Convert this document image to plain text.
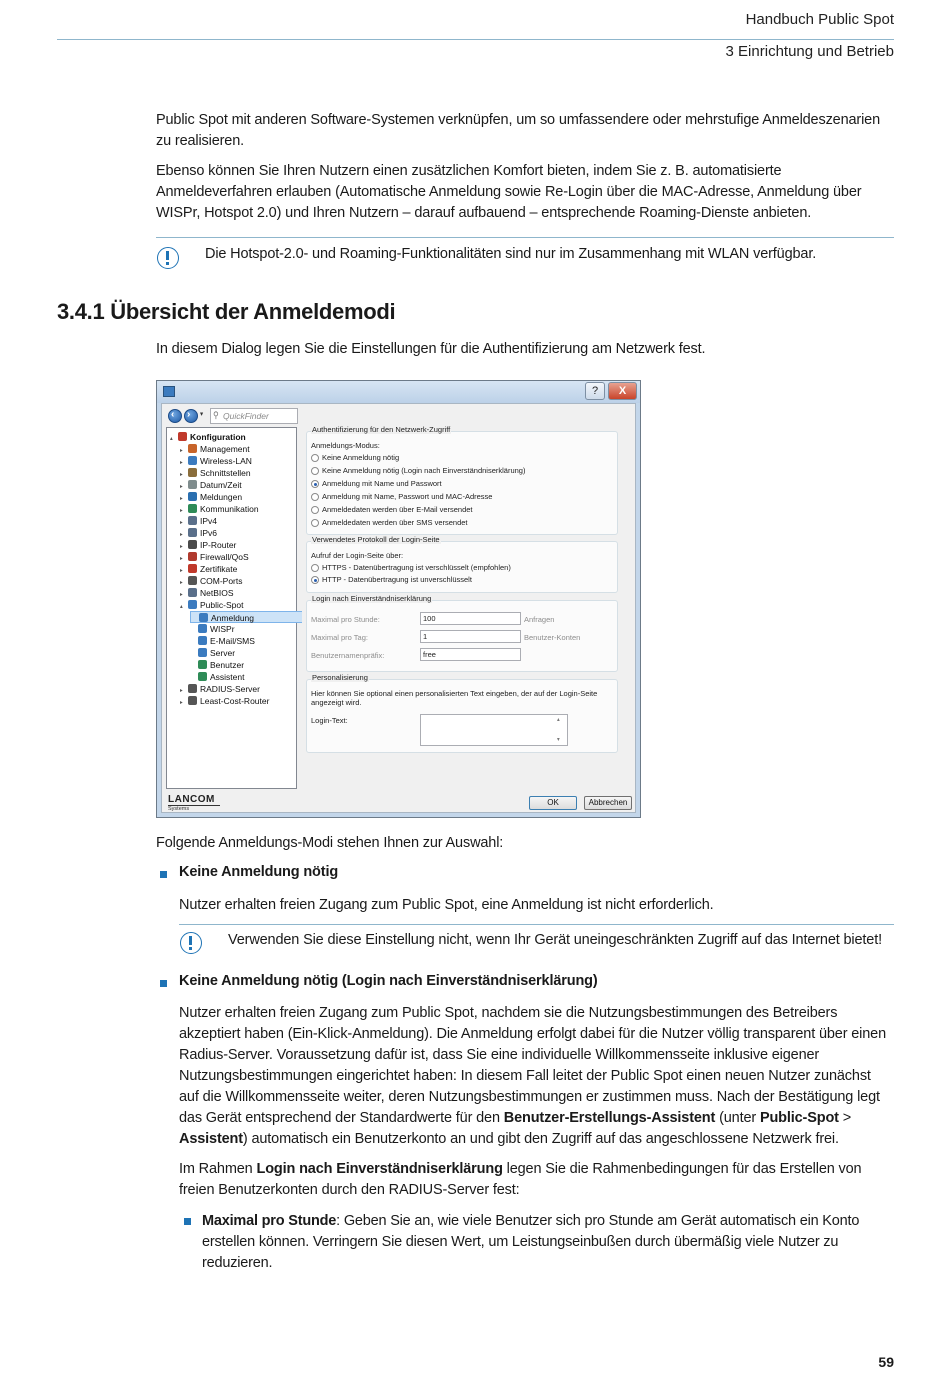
Handbuch Public Spot
3 Einrichtung und Betrieb

Public Spot mit anderen Software-Systemen verknüpfen, um so umfassendere oder mehrstufige Anmeldeszenarien zu realisieren.

Ebenso können Sie Ihren Nutzern einen zusätzlichen Komfort bieten, indem Sie z. B. automatisierte Anmeldeverfahren erlauben (Automatische Anmeldung sowie Re-Login über die MAC-Adresse, Anmeldung über WISPr, Hotspot 2.0) und Ihren Nutzern – darauf aufbauend – entsprechende Roaming-Dienste anbieten.

Die Hotspot-2.0- und Roaming-Funktionalitäten sind nur im Zusammenhang mit WLAN verfügbar.
3.4.1 Übersicht der Anmeldemodi

In diesem Dialog legen Sie die Einstellungen für die Authentifizierung am Netzwerk fest.

?	X
‹ › ▾	QuickFinder
⚲
▴ Konfiguration
▸ Management
▸ Wireless-LAN
▸ Schnittstellen
▸ Datum/Zeit
▸ Meldungen
▸ Kommunikation
▸ IPv4
▸ IPv6
▸ IP-Router
▸ Firewall/QoS
▸ Zertifikate
▸ COM-Ports
▸ NetBIOS
▴ Public-Spot
Anmeldung
WISPr
E-Mail/SMS
Server
Benutzer
Assistent
▸ RADIUS-Server
▸ Least-Cost-Router
Authentifizierung für den Netzwerk-Zugriff
Anmeldungs-Modus:
Keine Anmeldung nötig
Keine Anmeldung nötig (Login nach Einverständniserklärung)
Anmeldung mit Name und Passwort
Anmeldung mit Name, Passwort und MAC-Adresse
Anmeldedaten werden über E-Mail versendet
Anmeldedaten werden über SMS versendet
Verwendetes Protokoll der Login-Seite
Aufruf der Login-Seite über:
HTTPS - Datenübertragung ist verschlüsselt (empfohlen)
HTTP - Datenübertragung ist unverschlüsselt
Login nach Einverständniserklärung
Maximal pro Stunde:	100	Anfragen
Maximal pro Tag:	1	Benutzer-Konten
Benutzernamenpräfix:	free
Personalisierung
Hier können Sie optional einen personalisierten Text eingeben, der auf der Login-Seite angezeigt wird.
Login-Text:	▴
▾
LANCOM
Systems
OK	Abbrechen

Folgende Anmeldungs-Modi stehen Ihnen zur Auswahl:

Keine Anmeldung nötig

Nutzer erhalten freien Zugang zum Public Spot, eine Anmeldung ist nicht erforderlich.

Verwenden Sie diese Einstellung nicht, wenn Ihr Gerät uneingeschränkten Zugriff auf das Internet bietet!
Keine Anmeldung nötig (Login nach Einverständniserklärung)

Nutzer erhalten freien Zugang zum Public Spot, nachdem sie die Nutzungsbestimmungen des Betreibers akzeptiert haben (Ein-Klick-Anmeldung). Die Anmeldung erfolgt dabei für die Nutzer völlig transparent über einen Radius-Server. Voraussetzung dafür ist, dass Sie eine individuelle Willkommensseite inklusive eigener Nutzungsbestimmungen eingerichtet haben: In diesem Fall leitet der Public Spot einen neuen Nutzer zunächst auf die Willkommensseite weiter, deren Nutzungsbestimmungen er zustimmen muss. Nach der Bestätigung legt das Gerät entsprechend der Standardwerte für den Benutzer-Erstellungs-Assistent (unter Public-Spot > Assistent) automatisch ein Benutzerkonto an und gibt den Zugriff auf das angeschlossene Netzwerk frei.

Im Rahmen Login nach Einverständniserklärung legen Sie die Rahmenbedingungen für das Erstellen von freien Benutzerkonten durch den RADIUS-Server fest:

Maximal pro Stunde: Geben Sie an, wie viele Benutzer sich pro Stunde am Gerät automatisch ein Konto erstellen können. Verringern Sie diesen Wert, um Leistungseinbußen durch übermäßig viele Nutzer zu reduzieren.

59
